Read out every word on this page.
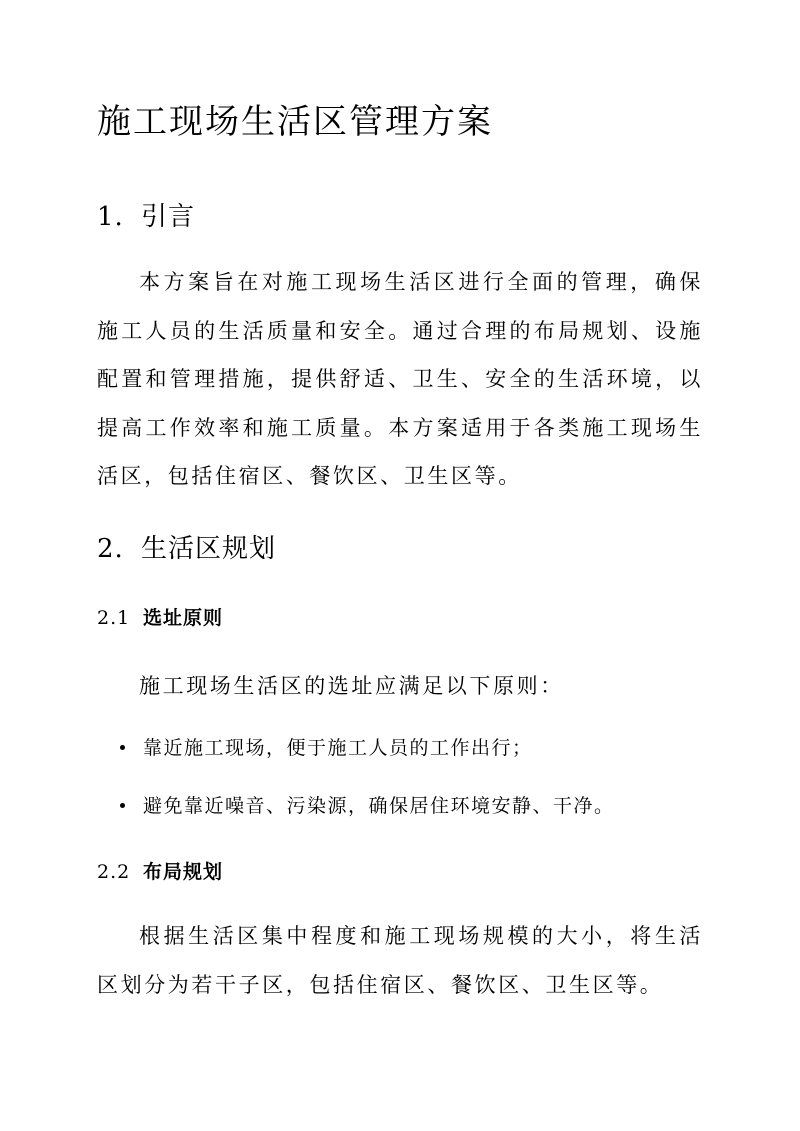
施工现场生活区管理方案
1. 引言

本方案旨在对施工现场生活区进行全面的管理，确保施工人员的生活质量和安全。通过合理的布局规划、设施配置和管理措施，提供舒适、卫生、安全的生活环境，以提高工作效率和施工质量。本方案适用于各类施工现场生活区，包括住宿区、餐饮区、卫生区等。

2. 生活区规划
2.1 选址原则

施工现场生活区的选址应满足以下原则：

靠近施工现场，便于施工人员的工作出行；
避免靠近噪音、污染源，确保居住环境安静、干净。
2.2 布局规划

根据生活区集中程度和施工现场规模的大小，将生活区划分为若干子区，包括住宿区、餐饮区、卫生区等。
